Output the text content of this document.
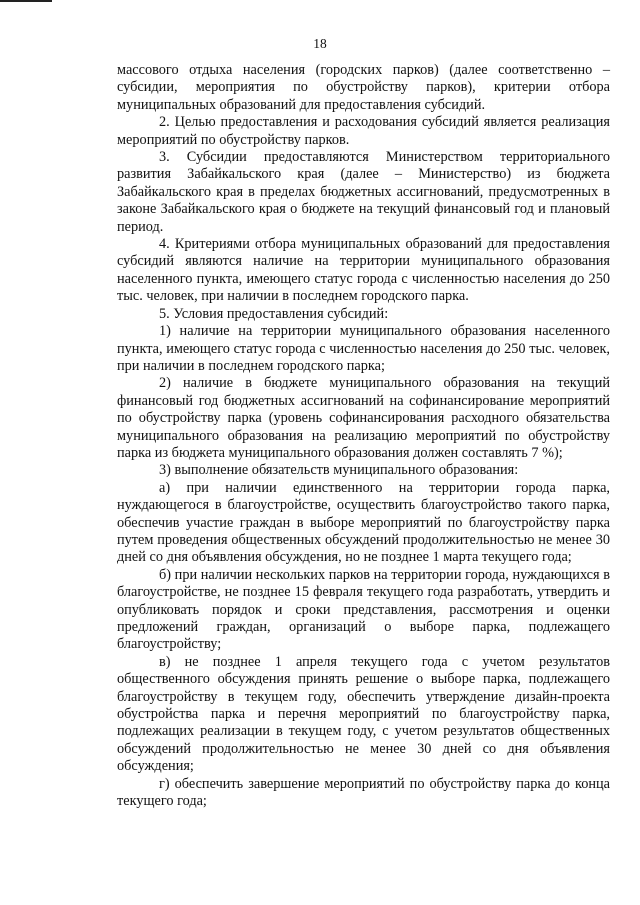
18

массового отдыха населения (городских парков) (далее соответственно – субсидии, мероприятия по обустройству парков), критерии отбора муниципальных образований для предоставления субсидий.

2. Целью предоставления и расходования субсидий является реализация мероприятий по обустройству парков.

3. Субсидии предоставляются Министерством территориального развития Забайкальского края (далее – Министерство) из бюджета Забайкальского края в пределах бюджетных ассигнований, предусмотренных в законе Забайкальского края о бюджете на текущий финансовый год и плановый период.

4. Критериями отбора муниципальных образований для предоставления субсидий являются наличие на территории муниципального образования населенного пункта, имеющего статус города с численностью населения до 250 тыс. человек, при наличии в последнем городского парка.

5. Условия предоставления субсидий:

1) наличие на территории муниципального образования населенного пункта, имеющего статус города с численностью населения до 250 тыс. человек, при наличии в последнем городского парка;

2) наличие в бюджете муниципального образования на текущий финансовый год бюджетных ассигнований на софинансирование мероприятий по обустройству парка (уровень софинансирования расходного обязательства муниципального образования на реализацию мероприятий по обустройству парка из бюджета муниципального образования должен составлять 7 %);

3) выполнение обязательств муниципального образования:

а) при наличии единственного на территории города парка, нуждающегося в благоустройстве, осуществить благоустройство такого парка, обеспечив участие граждан в выборе мероприятий по благоустройству парка путем проведения общественных обсуждений продолжительностью не менее 30 дней со дня объявления обсуждения, но не позднее 1 марта текущего года;

б) при наличии нескольких парков на территории города, нуждающихся в благоустройстве, не позднее 15 февраля текущего года разработать, утвердить и опубликовать порядок и сроки представления, рассмотрения и оценки предложений граждан, организаций о выборе парка, подлежащего благоустройству;

в) не позднее 1 апреля текущего года с учетом результатов общественного обсуждения принять решение о выборе парка, подлежащего благоустройству в текущем году, обеспечить утверждение дизайн-проекта обустройства парка и перечня мероприятий по благоустройству парка, подлежащих реализации в текущем году, с учетом результатов общественных обсуждений продолжительностью не менее 30 дней со дня объявления обсуждения;

г) обеспечить завершение мероприятий по обустройству парка до конца текущего года;
